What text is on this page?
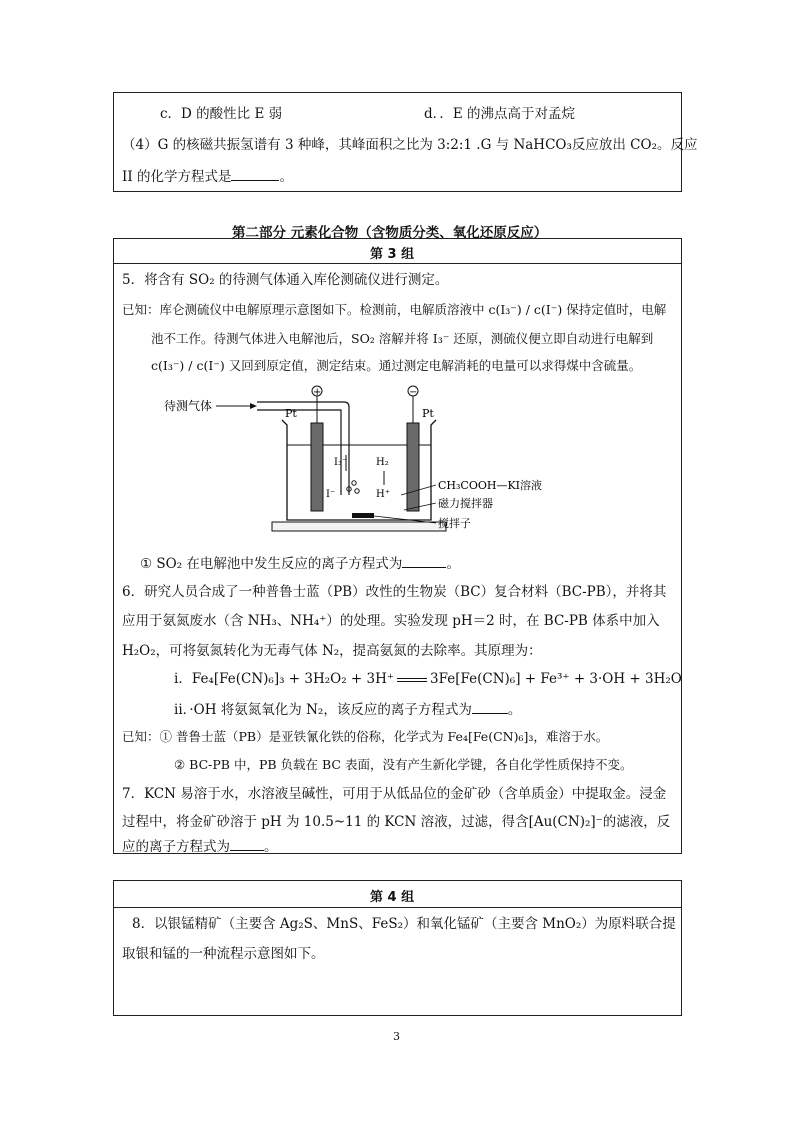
c．D 的酸性比 E 弱	d．．E 的沸点高于对孟烷
（4）G 的核磁共振氢谱有 3 种峰，其峰面积之比为 3:2:1 .G 与 NaHCO₃反应放出 CO₂。反应
II 的化学方程式是	。
第二部分 元素化合物（含物质分类、氧化还原反应）
第 3 组
5．将含有 SO₂ 的待测气体通入库伦测硫仪进行测定。
已知：库仑测硫仪中电解原理示意图如下。检测前，电解质溶液中 c(I₃⁻) / c(I⁻) 保持定值时，电解
池不工作。待测气体进入电解池后，SO₂ 溶解并将 I₃⁻ 还原，测硫仪便立即自动进行电解到
c(I₃⁻) / c(I⁻) 又回到原定值，测定结束。通过测定电解消耗的电量可以求得煤中含硫量。
待测气体
+
Pt
−
Pt
I₃⁻
I⁻
H₂
H⁺
CH₃COOH—KI溶液
磁力搅拌器
搅拌子
① SO₂ 在电解池中发生反应的离子方程式为	。
6．研究人员合成了一种普鲁士蓝（PB）改性的生物炭（BC）复合材料（BC-PB），并将其
应用于氨氮废水（含 NH₃、NH₄⁺）的处理。实验发现 pH＝2 时，在 BC-PB 体系中加入
H₂O₂，可将氨氮转化为无毒气体 N₂，提高氨氮的去除率。其原理为：
i．Fe₄[Fe(CN)₆]₃ + 3H₂O₂ + 3H⁺	3Fe[Fe(CN)₆] + Fe³⁺ + 3·OH + 3H₂O
ii．·OH 将氨氮氧化为 N₂，该反应的离子方程式为	。
已知：① 普鲁士蓝（PB）是亚铁氰化铁的俗称，化学式为 Fe₄[Fe(CN)₆]₃，难溶于水。
② BC-PB 中，PB 负载在 BC 表面，没有产生新化学键，各自化学性质保持不变。
7．KCN 易溶于水，水溶液呈碱性，可用于从低品位的金矿砂（含单质金）中提取金。浸金
过程中，将金矿砂溶于 pH 为 10.5~11 的 KCN 溶液，过滤，得含[Au(CN)₂]⁻的滤液，反
应的离子方程式为	。
第 4 组
8．以银锰精矿（主要含 Ag₂S、MnS、FeS₂）和氧化锰矿（主要含 MnO₂）为原料联合提
取银和锰的一种流程示意图如下。
3
